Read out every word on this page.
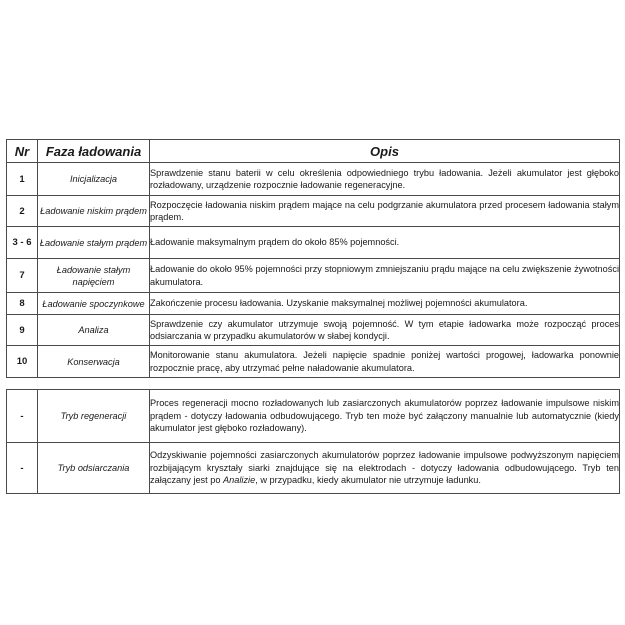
Nr	Faza ładowania	Opis
1	Inicjalizacja	Sprawdzenie stanu baterii w celu określenia odpowiedniego trybu ładowania. Jeżeli akumulator jest głęboko rozładowany, urządzenie rozpocznie ładowanie regeneracyjne.
2	Ładowanie niskim prądem	Rozpoczęcie ładowania niskim prądem mające na celu podgrzanie akumulatora przed procesem ładowania stałym prądem.
3 - 6	Ładowanie stałym prądem	Ładowanie maksymalnym prądem do około 85% pojemności.
7	Ładowanie stałym napięciem	Ładowanie do około 95% pojemności przy stopniowym zmniejszaniu prądu mające na celu zwiększenie żywotności akumulatora.
8	Ładowanie spoczynkowe	Zakończenie procesu ładowania. Uzyskanie maksymalnej możliwej pojemności akumulatora.
9	Analiza	Sprawdzenie czy akumulator utrzymuje swoją pojemność. W tym etapie ładowarka może rozpocząć proces odsiarczania w przypadku akumulatorów w słabej kondycji.
10	Konserwacja	Monitorowanie stanu akumulatora. Jeżeli napięcie spadnie poniżej wartości progowej, ładowarka ponownie rozpocznie pracę, aby utrzymać pełne naładowanie akumulatora.
-	Tryb regeneracji	Proces regeneracji mocno rozładowanych lub zasiarczonych akumulatorów poprzez ładowanie impulsowe niskim prądem - dotyczy ładowania odbudowującego. Tryb ten może być załączony manualnie lub automatycznie (kiedy akumulator jest głęboko rozładowany).
-	Tryb odsiarczania	Odzyskiwanie pojemności zasiarczonych akumulatorów poprzez ładowanie impulsowe podwyższonym napięciem rozbijającym kryształy siarki znajdujące się na elektrodach - dotyczy ładowania odbudowującego. Tryb ten załączany jest po Analizie, w przypadku, kiedy akumulator nie utrzymuje ładunku.
